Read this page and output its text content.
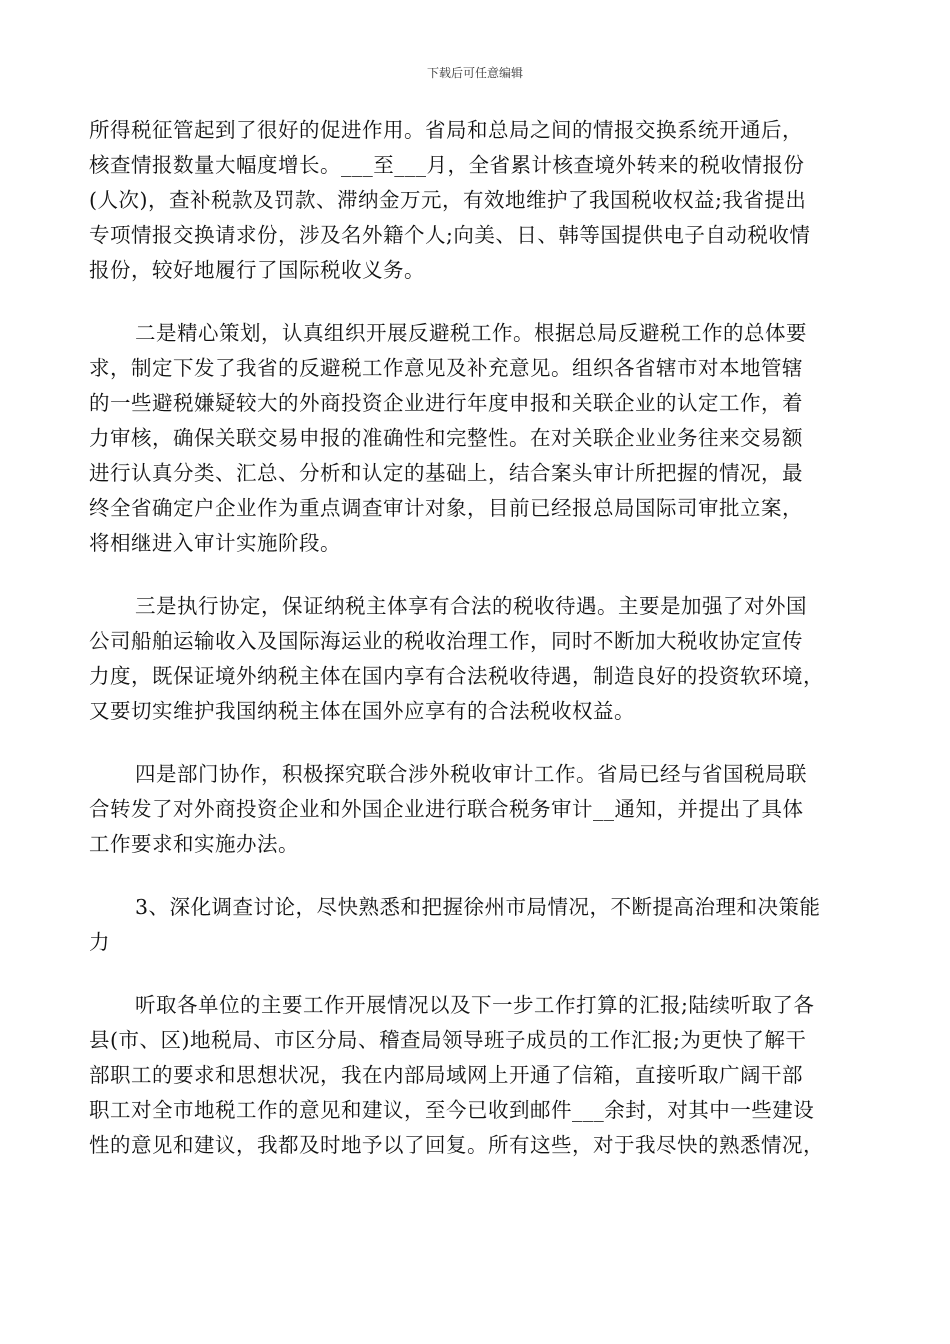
下载后可任意编辑

所得税征管起到了很好的促进作用。省局和总局之间的情报交换系统开通后，
核查情报数量大幅度增长。___至___月，全省累计核查境外转来的税收情报份
(人次)，查补税款及罚款、滞纳金万元，有效地维护了我国税收权益;我省提出
专项情报交换请求份，涉及名外籍个人;向美、日、韩等国提供电子自动税收情
报份，较好地履行了国际税收义务。

二是精心策划，认真组织开展反避税工作。根据总局反避税工作的总体要
求，制定下发了我省的反避税工作意见及补充意见。组织各省辖市对本地管辖
的一些避税嫌疑较大的外商投资企业进行年度申报和关联企业的认定工作，着
力审核，确保关联交易申报的准确性和完整性。在对关联企业业务往来交易额
进行认真分类、汇总、分析和认定的基础上，结合案头审计所把握的情况，最
终全省确定户企业作为重点调查审计对象，目前已经报总局国际司审批立案，
将相继进入审计实施阶段。

三是执行协定，保证纳税主体享有合法的税收待遇。主要是加强了对外国
公司船舶运输收入及国际海运业的税收治理工作，同时不断加大税收协定宣传
力度，既保证境外纳税主体在国内享有合法税收待遇，制造良好的投资软环境，
又要切实维护我国纳税主体在国外应享有的合法税收权益。

四是部门协作，积极探究联合涉外税收审计工作。省局已经与省国税局联
合转发了对外商投资企业和外国企业进行联合税务审计__通知，并提出了具体
工作要求和实施办法。

3、深化调查讨论，尽快熟悉和把握徐州市局情况，不断提高治理和决策能
力

听取各单位的主要工作开展情况以及下一步工作打算的汇报;陆续听取了各
县(市、区)地税局、市区分局、稽查局领导班子成员的工作汇报;为更快了解干
部职工的要求和思想状况，我在内部局域网上开通了信箱，直接听取广阔干部
职工对全市地税工作的意见和建议，至今已收到邮件___余封，对其中一些建设
性的意见和建议，我都及时地予以了回复。所有这些，对于我尽快的熟悉情况，
